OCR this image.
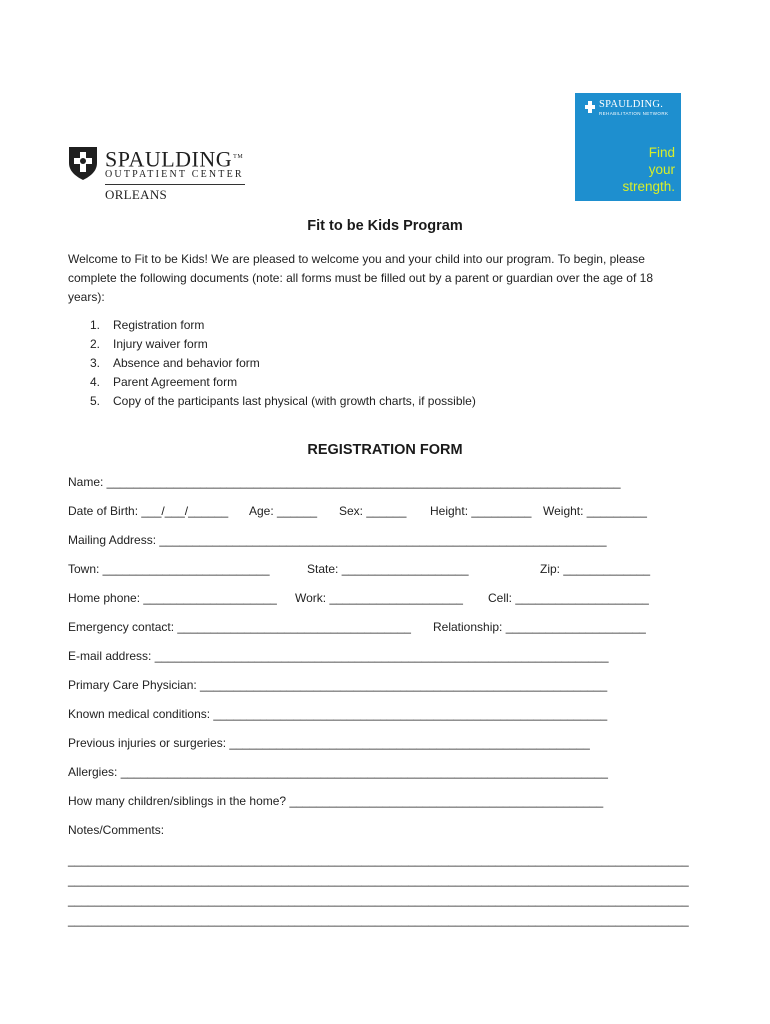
SPAULDING™
OUTPATIENT CENTER
ORLEANS
SPAULDING.
REHABILITATION NETWORK
Find
your
strength.
Fit to be Kids Program
Welcome to Fit to be Kids! We are pleased to welcome you and your child into our program. To begin, please
complete the following documents (note: all forms must be filled out by a parent or guardian over the age of 18
years):
1. Registration form
2. Injury waiver form
3. Absence and behavior form
4. Parent Agreement form
5. Copy of the participants last physical (with growth charts, if possible)
REGISTRATION FORM
Name: _____________________________________________________________________________
Date of Birth: ___/___/______ Age: ______ Sex: ______ Height: _________ Weight: _________
Mailing Address: ___________________________________________________________________
Town: _________________________	State: ___________________	Zip: _____________
Home phone: ____________________ Work: ____________________ Cell: ____________________
Emergency contact: ___________________________________ Relationship: _____________________
E-mail address: ____________________________________________________________________
Primary Care Physician: _____________________________________________________________
Known medical conditions: ___________________________________________________________
Previous injuries or surgeries: ______________________________________________________
Allergies: _________________________________________________________________________
How many children/siblings in the home? _______________________________________________
Notes/Comments:
_____________________________________________________________________________________________
_____________________________________________________________________________________________
_____________________________________________________________________________________________
_____________________________________________________________________________________________
